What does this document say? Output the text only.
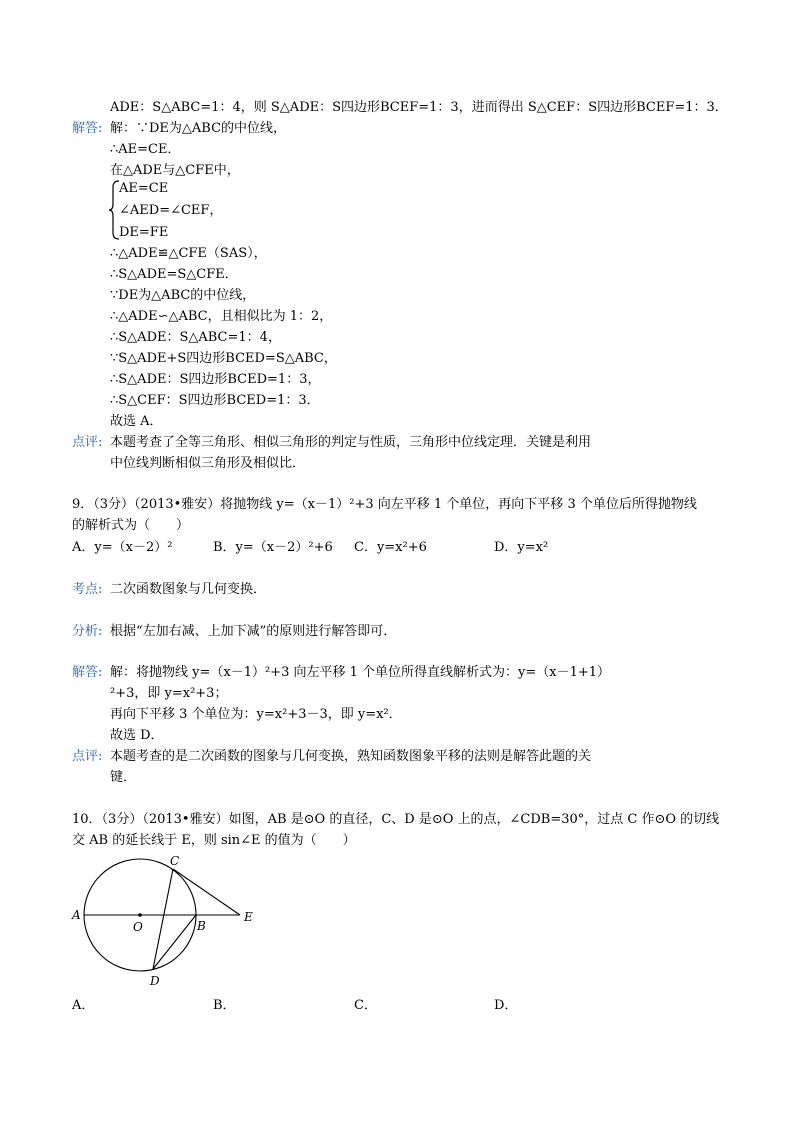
ADE：S△ABC=1：4，则 S△ADE：S四边形BCEF=1：3，进而得出 S△CEF：S四边形BCEF=1：3．
解答: 解：∵DE为△ABC的中位线，
∴AE=CE．
在△ADE与△CFE中，
AE=CE
∠AED=∠CEF，
DE=FE
∴△ADE≌△CFE（SAS），
∴S△ADE=S△CFE．
∵DE为△ABC的中位线，
∴△ADE∽△ABC，且相似比为 1：2，
∴S△ADE：S△ABC=1：4，
∵S△ADE+S四边形BCED=S△ABC，
∴S△ADE：S四边形BCED=1：3，
∴S△CEF：S四边形BCED=1：3．
故选 A．
点评: 本题考查了全等三角形、相似三角形的判定与性质，三角形中位线定理．关键是利用
中位线判断相似三角形及相似比．
9．（3分）（2013•雅安）将抛物线 y=（x－1）²+3 向左平移 1 个单位，再向下平移 3 个单位后所得抛物线
的解析式为（　　）
A．y=（x－2）²	B．y=（x－2）²+6 C．y=x²+6	D．y=x²
考点: 二次函数图象与几何变换．
分析: 根据“左加右减、上加下减”的原则进行解答即可．
解答: 解：将抛物线 y=（x－1）²+3 向左平移 1 个单位所得直线解析式为：y=（x－1+1）
²+3，即 y=x²+3；
再向下平移 3 个单位为：y=x²+3－3，即 y=x²．
故选 D．
点评: 本题考查的是二次函数的图象与几何变换，熟知函数图象平移的法则是解答此题的关
键．
10．（3分）（2013•雅安）如图，AB 是⊙O 的直径，C、D 是⊙O 上的点，∠CDB=30°，过点 C 作⊙O 的切线
交 AB 的延长线于 E，则 sin∠E 的值为（　　）
A
O	B
C
D
E
A．	B．	C．	D．
